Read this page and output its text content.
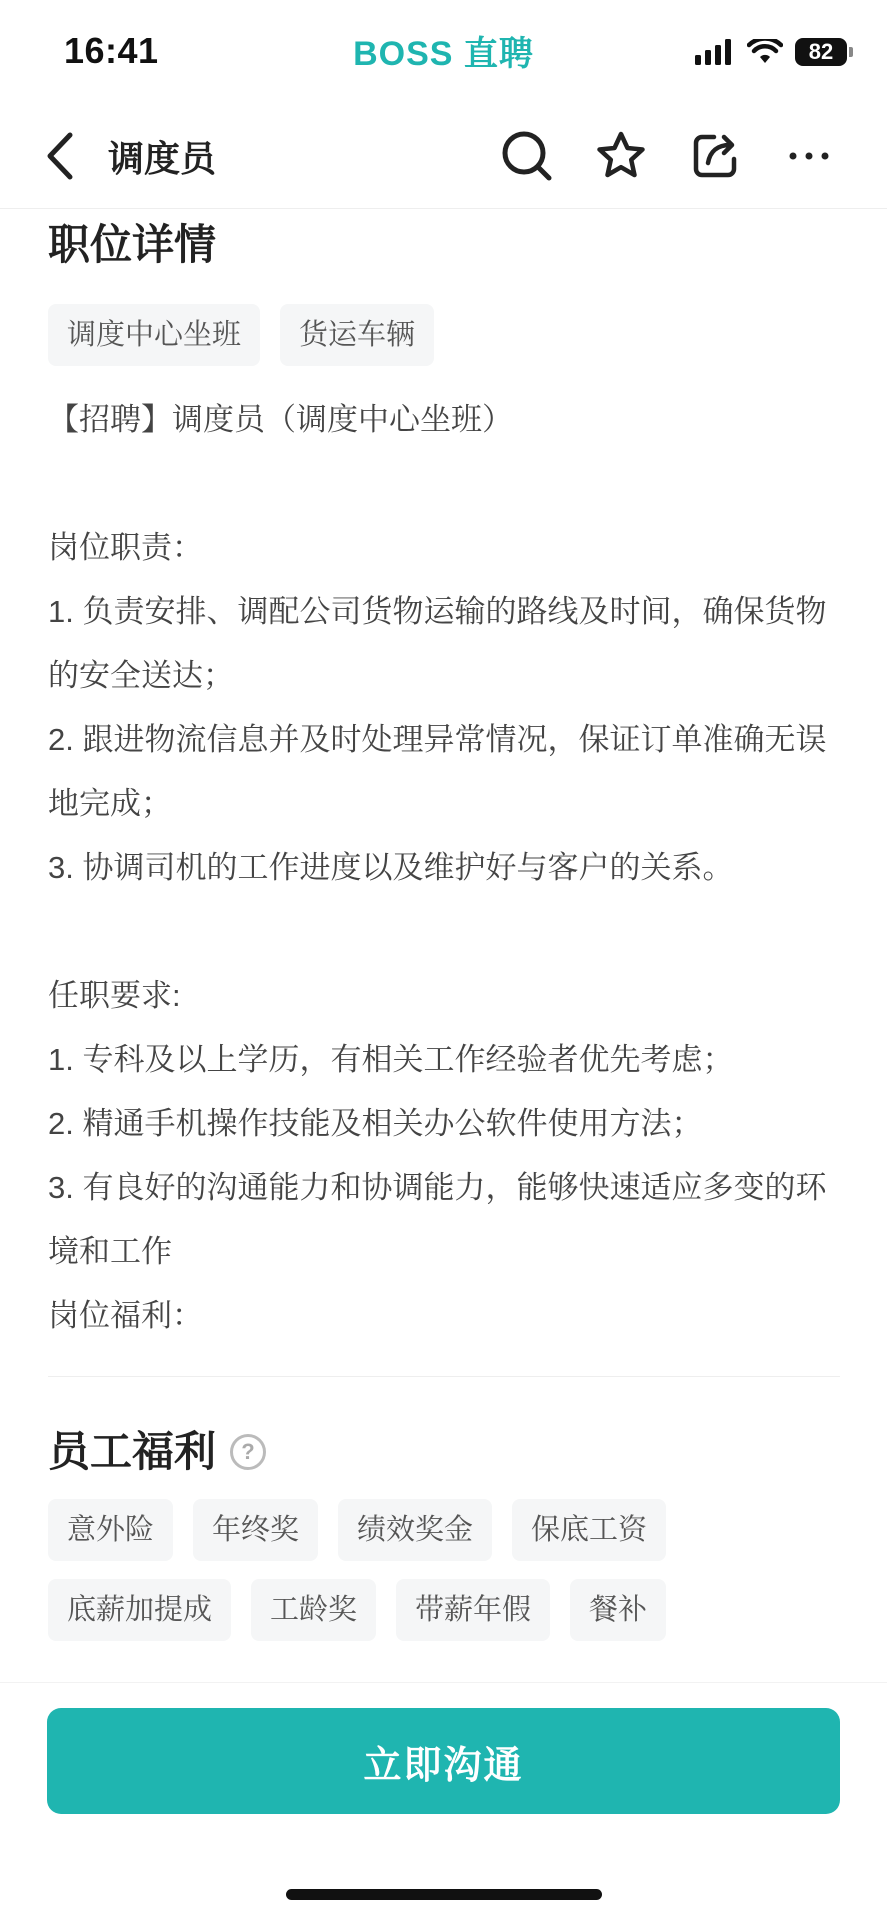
16:41	BOSS 直聘	82
调度员
职位详情
调度中心坐班	货运车辆
【招聘】调度员（调度中心坐班）

岗位职责：
1. 负责安排、调配公司货物运输的路线及时间，确保货物的安全送达；
2. 跟进物流信息并及时处理异常情况，保证订单准确无误地完成；
3. 协调司机的工作进度以及维护好与客户的关系。

任职要求:
1. 专科及以上学历，有相关工作经验者优先考虑；
2. 精通手机操作技能及相关办公软件使用方法；
3. 有良好的沟通能力和协调能力，能够快速适应多变的环境和工作
岗位福利：
员工福利	?
意外险	年终奖	绩效奖金	保底工资
底薪加提成	工龄奖	带薪年假	餐补
立即沟通
